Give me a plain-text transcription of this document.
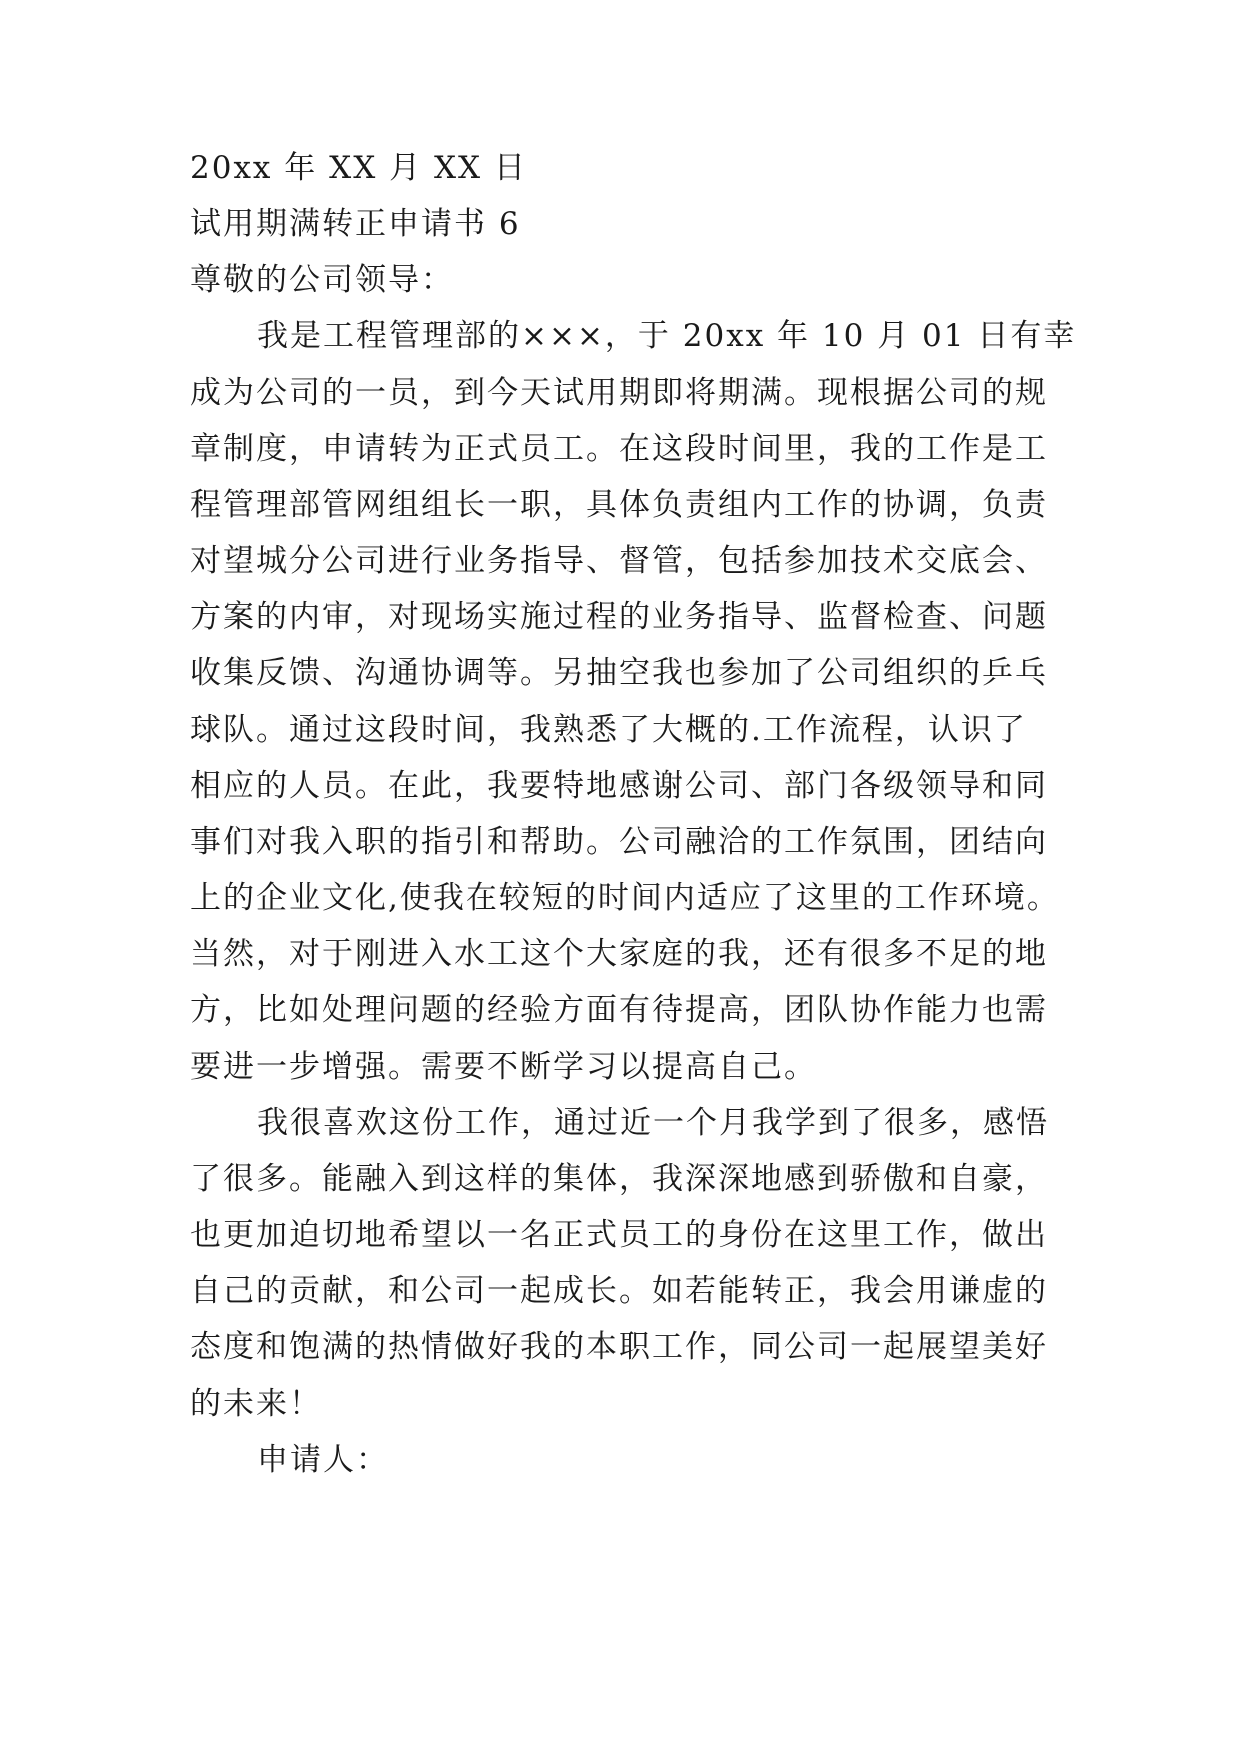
20xx 年 XX 月 XX 日
试用期满转正申请书 6
尊敬的公司领导：
我是工程管理部的×××，于 20xx 年 10 月 01 日有幸
成为公司的一员，到今天试用期即将期满。现根据公司的规
章制度，申请转为正式员工。在这段时间里，我的工作是工
程管理部管网组组长一职，具体负责组内工作的协调，负责
对望城分公司进行业务指导、督管，包括参加技术交底会、
方案的内审，对现场实施过程的业务指导、监督检查、问题
收集反馈、沟通协调等。另抽空我也参加了公司组织的乒乓
球队。通过这段时间，我熟悉了大概的.工作流程，认识了
相应的人员。在此，我要特地感谢公司、部门各级领导和同
事们对我入职的指引和帮助。公司融洽的工作氛围，团结向
上的企业文化,使我在较短的时间内适应了这里的工作环境。
当然，对于刚进入水工这个大家庭的我，还有很多不足的地
方，比如处理问题的经验方面有待提高，团队协作能力也需
要进一步增强。需要不断学习以提高自己。
我很喜欢这份工作，通过近一个月我学到了很多，感悟
了很多。能融入到这样的集体，我深深地感到骄傲和自豪，
也更加迫切地希望以一名正式员工的身份在这里工作，做出
自己的贡献，和公司一起成长。如若能转正，我会用谦虚的
态度和饱满的热情做好我的本职工作，同公司一起展望美好
的未来！
申请人：
